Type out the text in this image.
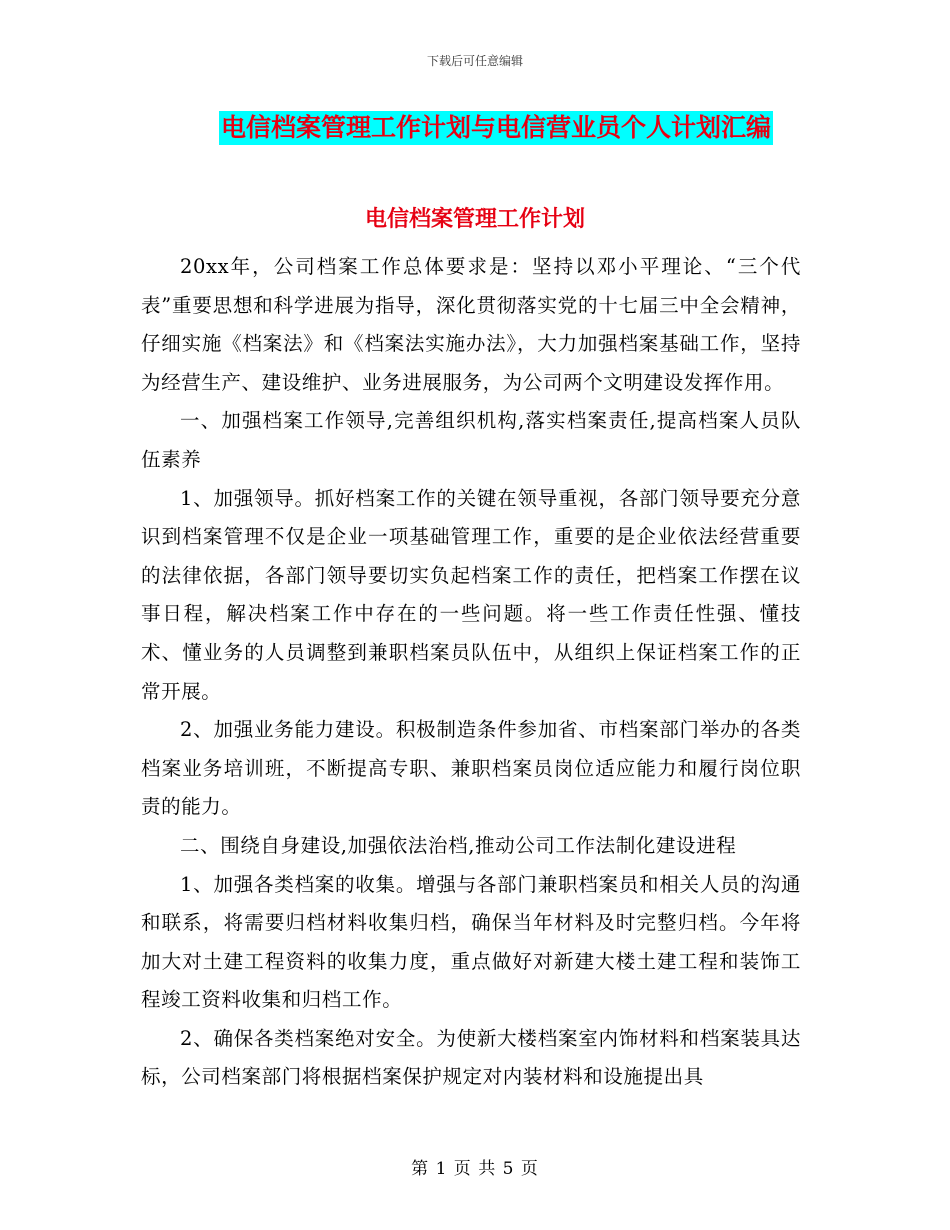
下载后可任意编辑
电信档案管理工作计划与电信营业员个人计划汇编
电信档案管理工作计划

20xx年，公司档案工作总体要求是：坚持以邓小平理论、“三个代表”重要思想和科学进展为指导，深化贯彻落实党的十七届三中全会精神，仔细实施《档案法》和《档案法实施办法》，大力加强档案基础工作，坚持为经营生产、建设维护、业务进展服务，为公司两个文明建设发挥作用。

一、加强档案工作领导,完善组织机构,落实档案责任,提高档案人员队伍素养

1、加强领导。抓好档案工作的关键在领导重视，各部门领导要充分意识到档案管理不仅是企业一项基础管理工作，重要的是企业依法经营重要的法律依据，各部门领导要切实负起档案工作的责任，把档案工作摆在议事日程，解决档案工作中存在的一些问题。将一些工作责任性强、懂技术、懂业务的人员调整到兼职档案员队伍中，从组织上保证档案工作的正常开展。

2、加强业务能力建设。积极制造条件参加省、市档案部门举办的各类档案业务培训班，不断提高专职、兼职档案员岗位适应能力和履行岗位职责的能力。

二、围绕自身建设,加强依法治档,推动公司工作法制化建设进程

1、加强各类档案的收集。增强与各部门兼职档案员和相关人员的沟通和联系，将需要归档材料收集归档，确保当年材料及时完整归档。今年将加大对土建工程资料的收集力度，重点做好对新建大楼土建工程和装饰工程竣工资料收集和归档工作。

2、确保各类档案绝对安全。为使新大楼档案室内饰材料和档案装具达标，公司档案部门将根据档案保护规定对内装材料和设施提出具

第 1 页 共 5 页
